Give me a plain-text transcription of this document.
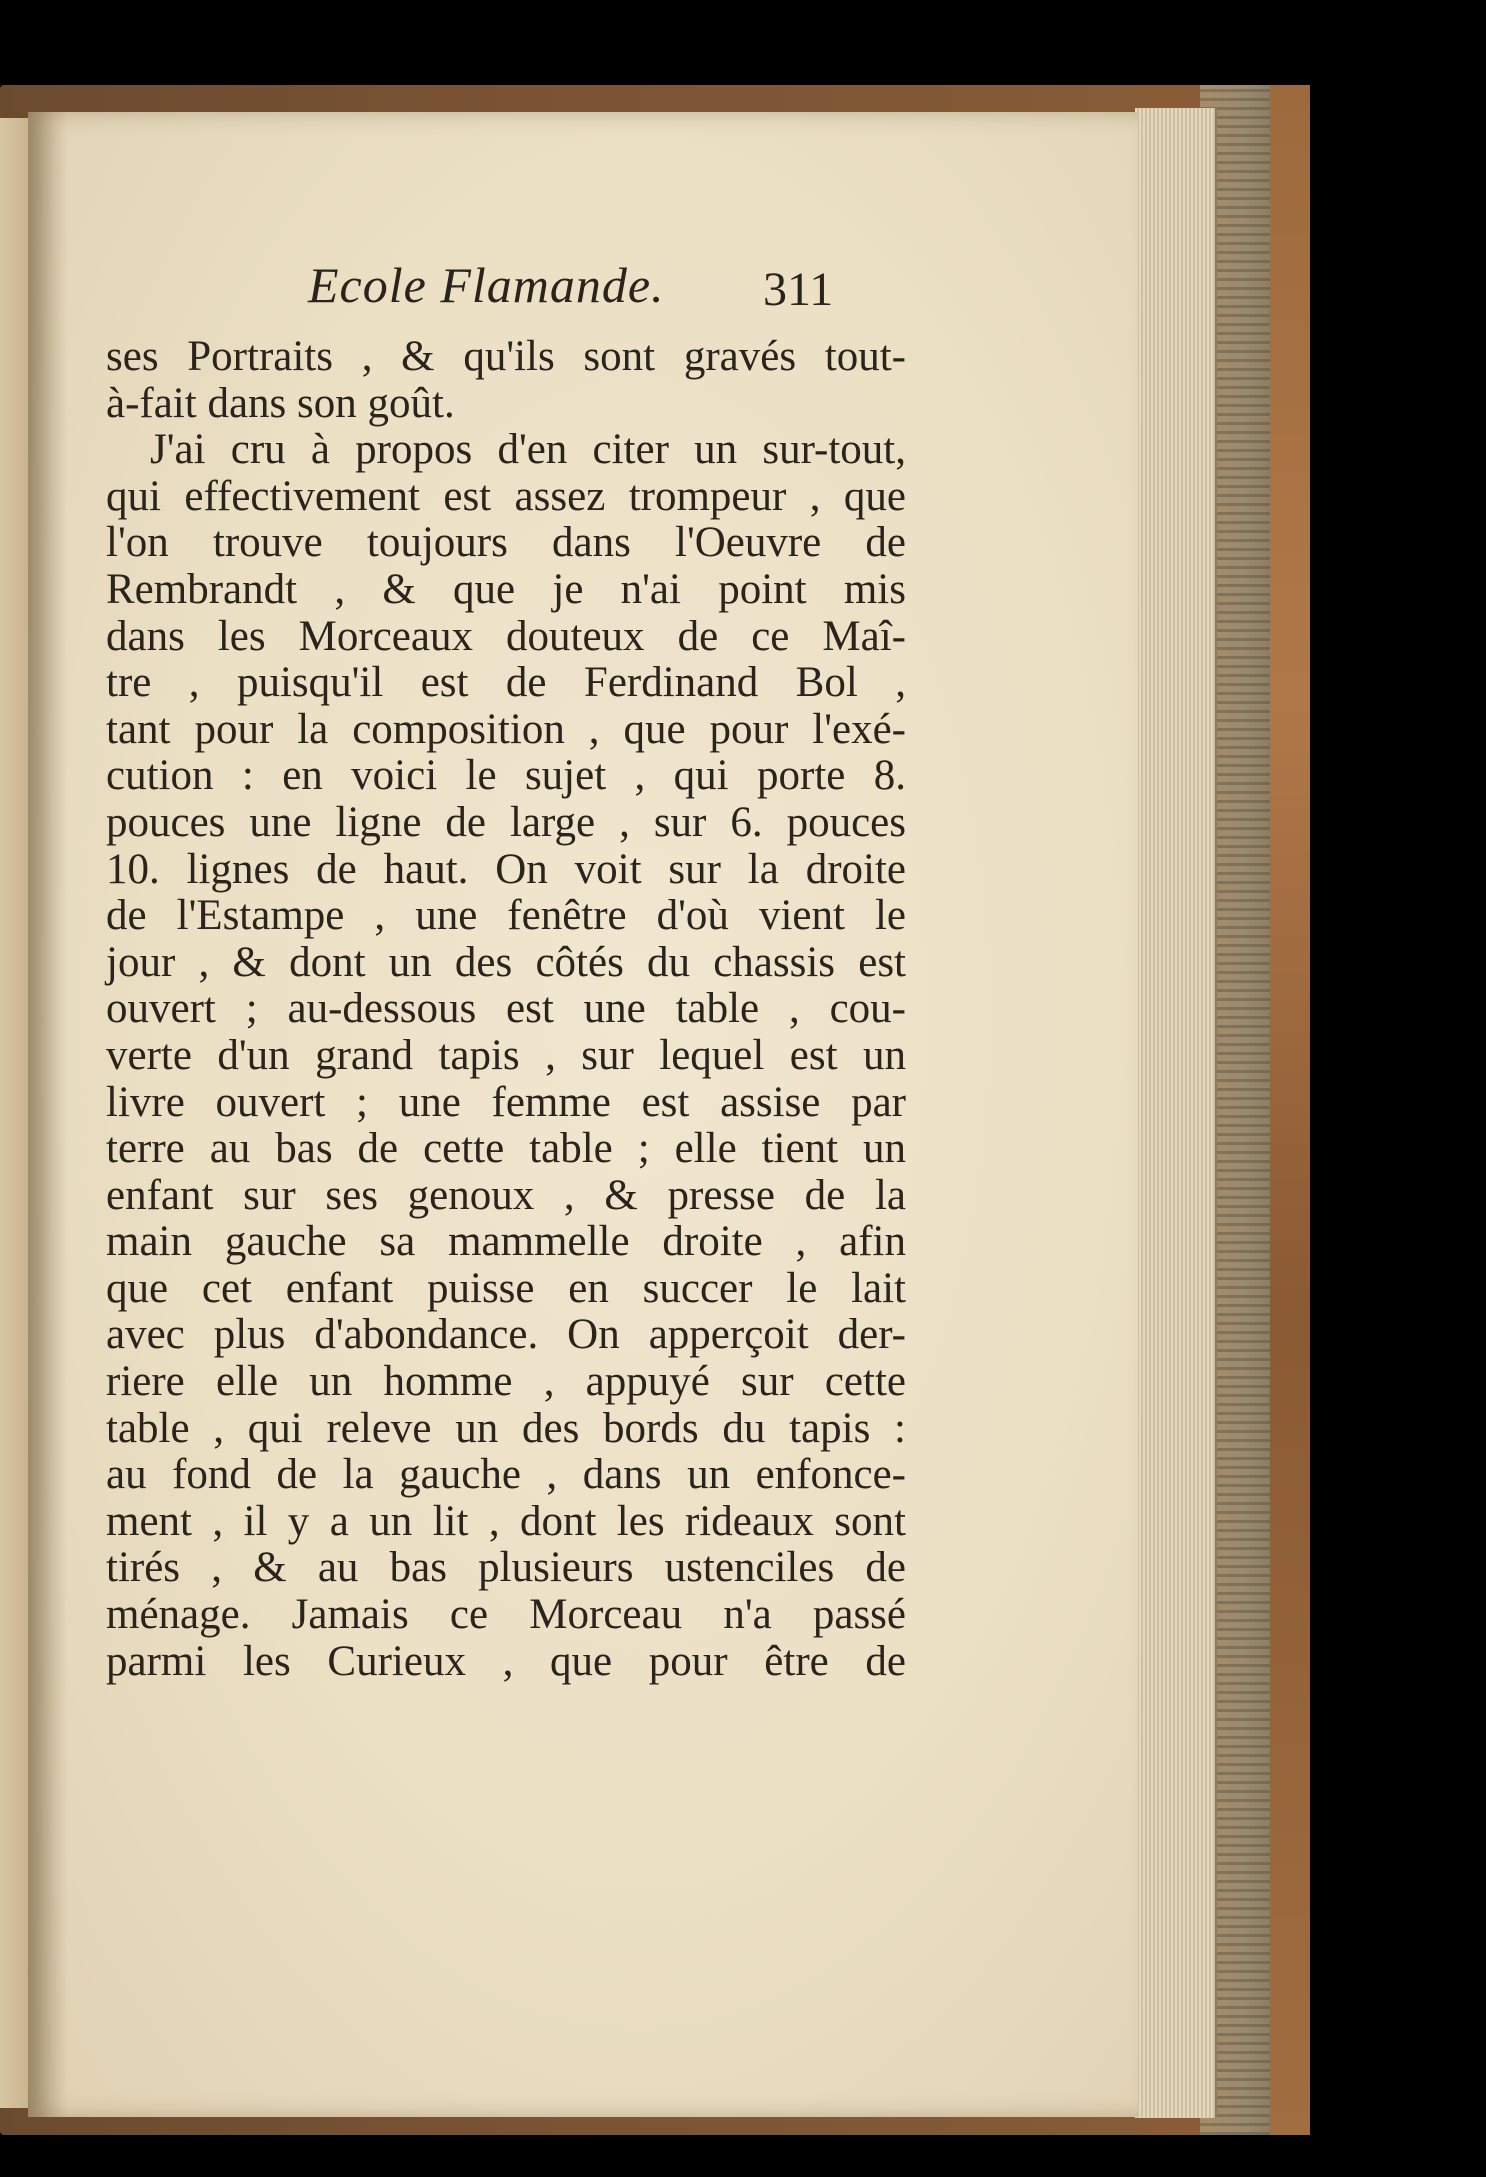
Ecole Flamande. 311
ses Portraits , & qu'ils sont gravés tout-
à-fait dans son goût.
J'ai cru à propos d'en citer un sur-tout,
qui effectivement est assez trompeur , que
l'on trouve toujours dans l'Oeuvre de
Rembrandt , & que je n'ai point mis
dans les Morceaux douteux de ce Maî-
tre , puisqu'il est de Ferdinand Bol ,
tant pour la composition , que pour l'exé-
cution : en voici le sujet , qui porte 8.
pouces une ligne de large , sur 6. pouces
10. lignes de haut. On voit sur la droite
de l'Estampe , une fenêtre d'où vient le
jour , & dont un des côtés du chassis est
ouvert ; au-dessous est une table , cou-
verte d'un grand tapis , sur lequel est un
livre ouvert ; une femme est assise par
terre au bas de cette table ; elle tient un
enfant sur ses genoux , & presse de la
main gauche sa mammelle droite , afin
que cet enfant puisse en succer le lait
avec plus d'abondance. On apperçoit der-
riere elle un homme , appuyé sur cette
table , qui releve un des bords du tapis :
au fond de la gauche , dans un enfonce-
ment , il y a un lit , dont les rideaux sont
tirés , & au bas plusieurs ustenciles de
ménage. Jamais ce Morceau n'a passé
parmi les Curieux , que pour être de
